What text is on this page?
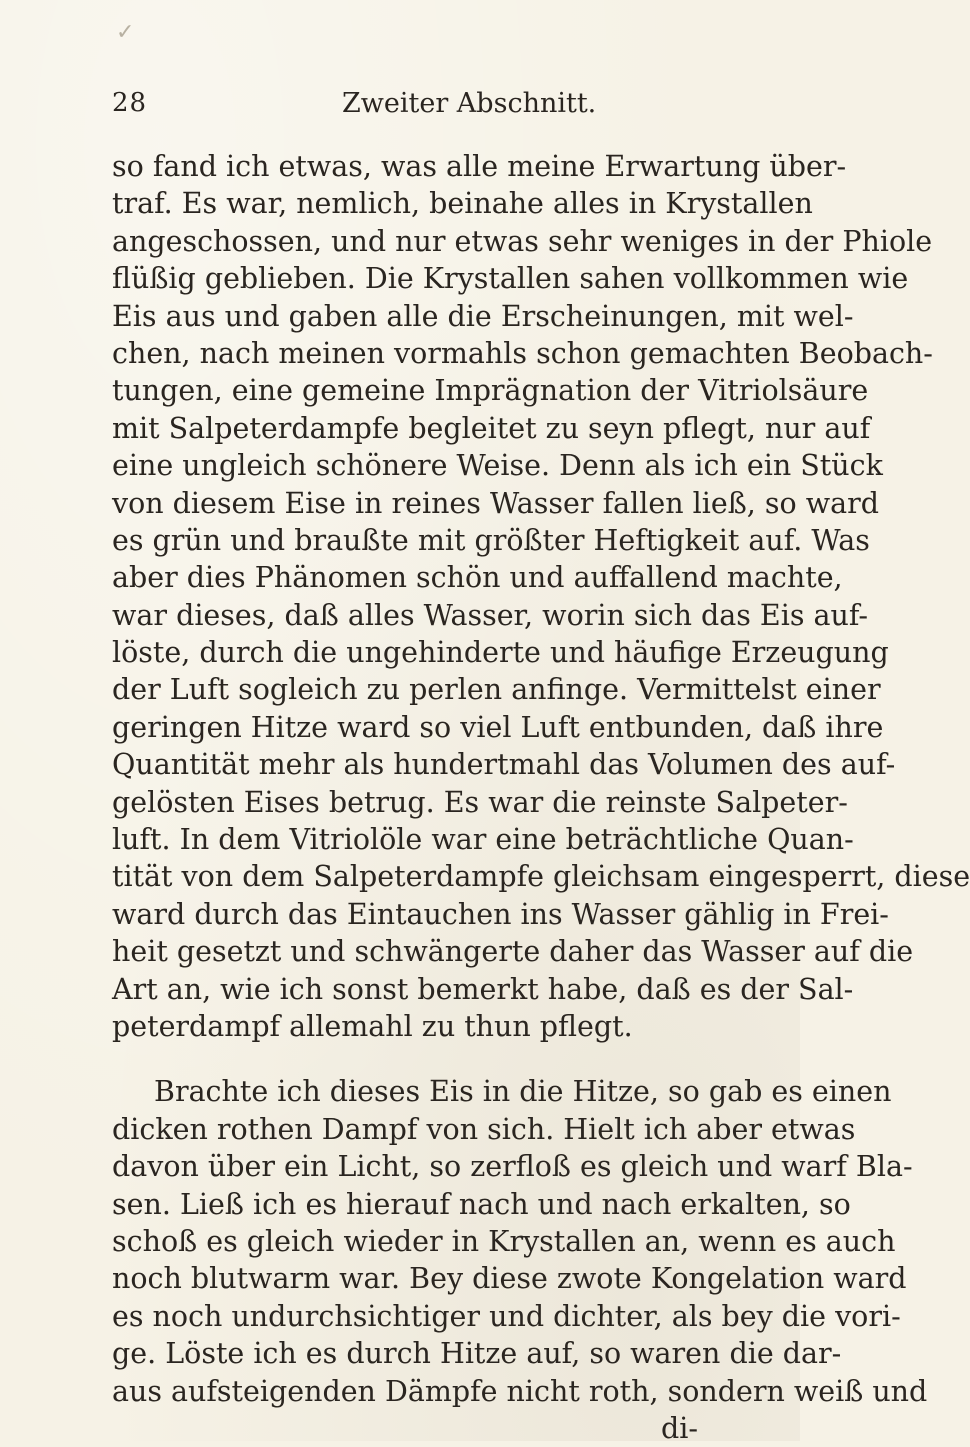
✓
28	Zweiter Abschnitt.
so fand ich etwas, was alle meine Erwartung über-
traf. Es war, nemlich, beinahe alles in Krystallen
angeschossen, und nur etwas sehr weniges in der Phiole
flüßig geblieben. Die Krystallen sahen vollkommen wie
Eis aus und gaben alle die Erscheinungen, mit wel-
chen, nach meinen vormahls schon gemachten Beobach-
tungen, eine gemeine Imprägnation der Vitriolsäure
mit Salpeterdampfe begleitet zu seyn pflegt, nur auf
eine ungleich schönere Weise. Denn als ich ein Stück
von diesem Eise in reines Wasser fallen ließ, so ward
es grün und braußte mit größter Heftigkeit auf. Was
aber dies Phänomen schön und auffallend machte,
war dieses, daß alles Wasser, worin sich das Eis auf-
löste, durch die ungehinderte und häufige Erzeugung
der Luft sogleich zu perlen anfinge. Vermittelst einer
geringen Hitze ward so viel Luft entbunden, daß ihre
Quantität mehr als hundertmahl das Volumen des auf-
gelösten Eises betrug. Es war die reinste Salpeter-
luft. In dem Vitriolöle war eine beträchtliche Quan-
tität von dem Salpeterdampfe gleichsam eingesperrt, diese
ward durch das Eintauchen ins Wasser gählig in Frei-
heit gesetzt und schwängerte daher das Wasser auf die
Art an, wie ich sonst bemerkt habe, daß es der Sal-
peterdampf allemahl zu thun pflegt.
Brachte ich dieses Eis in die Hitze, so gab es einen
dicken rothen Dampf von sich. Hielt ich aber etwas
davon über ein Licht, so zerfloß es gleich und warf Bla-
sen. Ließ ich es hierauf nach und nach erkalten, so
schoß es gleich wieder in Krystallen an, wenn es auch
noch blutwarm war. Bey diese zwote Kongelation ward
es noch undurchsichtiger und dichter, als bey die vori-
ge. Löste ich es durch Hitze auf, so waren die dar-
aus aufsteigenden Dämpfe nicht roth, sondern weiß und
di-
